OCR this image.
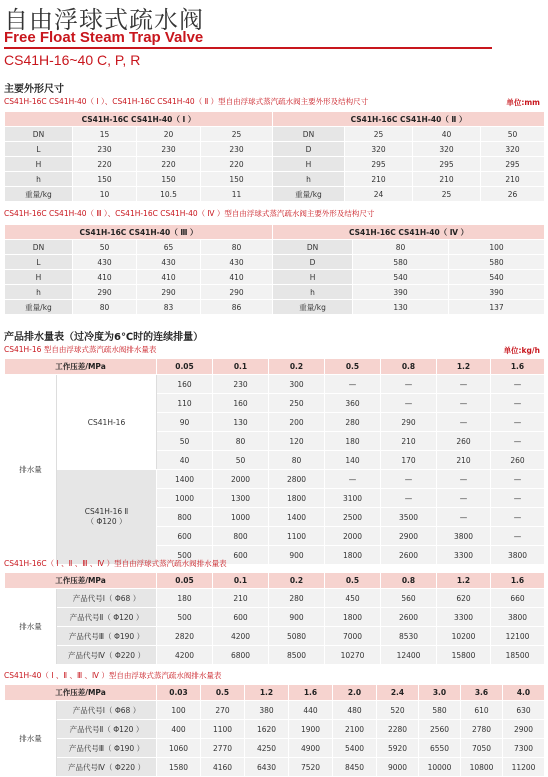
自由浮球式疏水阀
Free Float Steam Trap Valve
CS41H-16~40 C, P, R
主要外形尺寸
CS41H-16C CS41H-40（ Ⅰ ）、CS41H-16C CS41H-40（ Ⅱ ）型自由浮球式蒸汽疏水阀主要外形及结构尺寸	单位:mm
CS41H-16C CS41H-40（ Ⅰ ）				CS41H-16C CS41H-40（ Ⅱ ）			
DN	15	20	25	DN	25	40	50
L	230	230	230	D	320	320	320
H	220	220	220	H	295	295	295
h	150	150	150	h	210	210	210
重量/kg	10	10.5	11	重量/kg	24	25	26
CS41H-16C CS41H-40（ Ⅲ ）、CS41H-16C CS41H-40（ Ⅳ ）型自由浮球式蒸汽疏水阀主要外形及结构尺寸
CS41H-16C CS41H-40（ Ⅲ ）				CS41H-16C CS41H-40（ Ⅳ ）		
DN	50	65	80	DN	80	100
L	430	430	430	D	580	580
H	410	410	410	H	540	540
h	290	290	290	h	390	390
重量/kg	80	83	86	重量/kg	130	137
产品排水量表（过冷度为6℃时的连续排量）
CS41H-16 型自由浮球式蒸汽疏水阀排水量表	单位:kg/h
工作压差/MPa		0.05	0.1	0.2	0.5	0.8	1.2	1.6
排水量	CS41H-16	160	230	300	—	—	—	—
		110	160	250	360	—	—	—
		90	130	200	280	290	—	—
		50	80	120	180	210	260	—
		40	50	80	140	170	210	260

	CS41H-16 Ⅱ
（ Φ120 ）	1400	2000	2800	—	—	—	—
		1000	1300	1800	3100	—	—	—
		800	1000	1400	2500	3500	—	—
		600	800	1100	2000	2900	3800	—
		500	600	900	1800	2600	3300	3800
CS41H-16C（ Ⅰ 、Ⅱ 、Ⅲ 、Ⅳ ）型自由浮球式蒸汽疏水阀排水量表
工作压差/MPa		0.05	0.1	0.2	0.5	0.8	1.2	1.6
排水量	产品代号Ⅰ（ Φ68 ）	180	210	280	450	560	620	660
	产品代号Ⅱ（ Φ120 ）	500	600	900	1800	2600	3300	3800
	产品代号Ⅲ（ Φ190 ）	2820	4200	5080	7000	8530	10200	12100
	产品代号Ⅳ（ Φ220 ）	4200	6800	8500	10270	12400	15800	18500
CS41H-40（ Ⅰ 、Ⅱ 、Ⅲ 、Ⅳ ）型自由浮球式蒸汽疏水阀排水量表
工作压差/MPa		0.03	0.5	1.2	1.6	2.0	2.4	3.0	3.6	4.0
排水量	产品代号Ⅰ（ Φ68 ）	100	270	380	440	480	520	580	610	630
	产品代号Ⅱ（ Φ120 ）	400	1100	1620	1900	2100	2280	2560	2780	2900
	产品代号Ⅲ（ Φ190 ）	1060	2770	4250	4900	5400	5920	6550	7050	7300
	产品代号Ⅳ（ Φ220 ）	1580	4160	6430	7520	8450	9000	10000	10800	11200
